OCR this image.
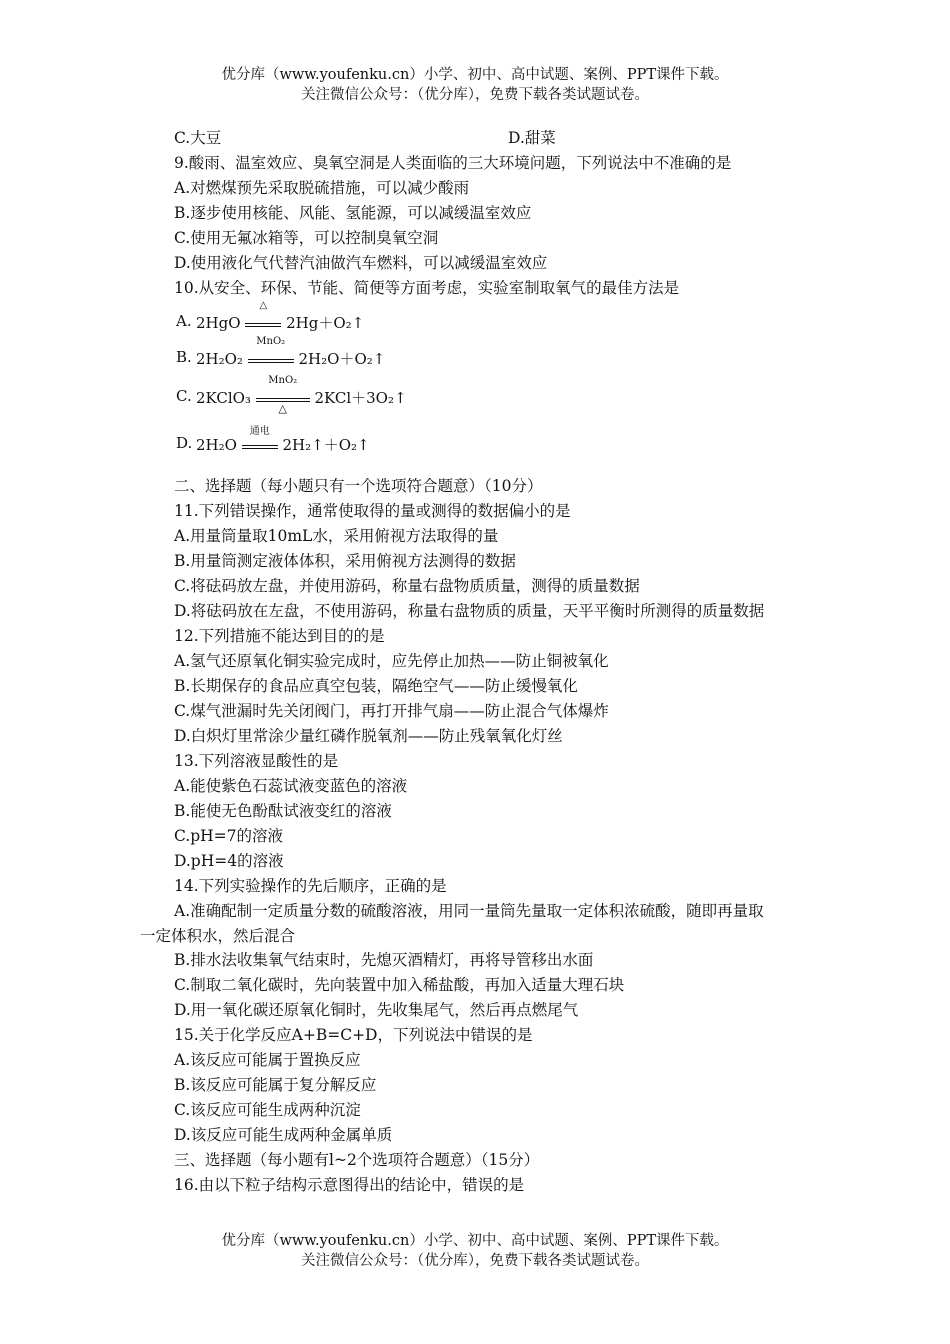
优分库（www.youfenku.cn）小学、初中、高中试题、案例、PPT课件下载。
关注微信公众号：（优分库），免费下载各类试题试卷。
C.大豆	D.甜菜
9.酸雨、温室效应、臭氧空洞是人类面临的三大环境问题，下列说法中不准确的是
A.对燃煤预先采取脱硫措施，可以减少酸雨
B.逐步使用核能、风能、氢能源，可以减缓温室效应
C.使用无氟冰箱等，可以控制臭氧空洞
D.使用液化气代替汽油做汽车燃料，可以减缓温室效应
10.从安全、环保、节能、简便等方面考虑，实验室制取氧气的最佳方法是
A. 2HgO
△
2Hg＋O₂↑
B. 2H₂O₂
MnO₂
2H₂O＋O₂↑
C. 2KClO₃ $\frac{\text{MnO₂}}{\triangle}$ 2KCl＋3O₂↑
D. 2H₂O
通电
2H₂↑＋O₂↑
二、选择题（每小题只有一个选项符合题意）（10分）
11.下列错误操作，通常使取得的量或测得的数据偏小的是
A.用量筒量取10mL水，采用俯视方法取得的量
B.用量筒测定液体体积，采用俯视方法测得的数据
C.将砝码放左盘，并使用游码，称量右盘物质质量，测得的质量数据
D.将砝码放在左盘，不使用游码，称量右盘物质的质量，天平平衡时所测得的质量数据
12.下列措施不能达到目的的是
A.氢气还原氧化铜实验完成时，应先停止加热——防止铜被氧化
B.长期保存的食品应真空包装，隔绝空气——防止缓慢氧化
C.煤气泄漏时先关闭阀门，再打开排气扇——防止混合气体爆炸
D.白炽灯里常涂少量红磷作脱氧剂——防止残氧氧化灯丝
13.下列溶液显酸性的是
A.能使紫色石蕊试液变蓝色的溶液
B.能使无色酚酞试液变红的溶液
C.pH=7的溶液
D.pH=4的溶液
14.下列实验操作的先后顺序，正确的是
A.准确配制一定质量分数的硫酸溶液，用同一量筒先量取一定体积浓硫酸，随即再量取
一定体积水，然后混合
B.排水法收集氧气结束时，先熄灭酒精灯，再将导管移出水面
C.制取二氧化碳时，先向装置中加入稀盐酸，再加入适量大理石块
D.用一氧化碳还原氧化铜时，先收集尾气，然后再点燃尾气
15.关于化学反应A+B=C+D，下列说法中错误的是
A.该反应可能属于置换反应
B.该反应可能属于复分解反应
C.该反应可能生成两种沉淀
D.该反应可能生成两种金属单质
三、选择题（每小题有l~2个选项符合题意）（15分）
16.由以下粒子结构示意图得出的结论中，错误的是
优分库（www.youfenku.cn）小学、初中、高中试题、案例、PPT课件下载。
关注微信公众号：（优分库），免费下载各类试题试卷。
